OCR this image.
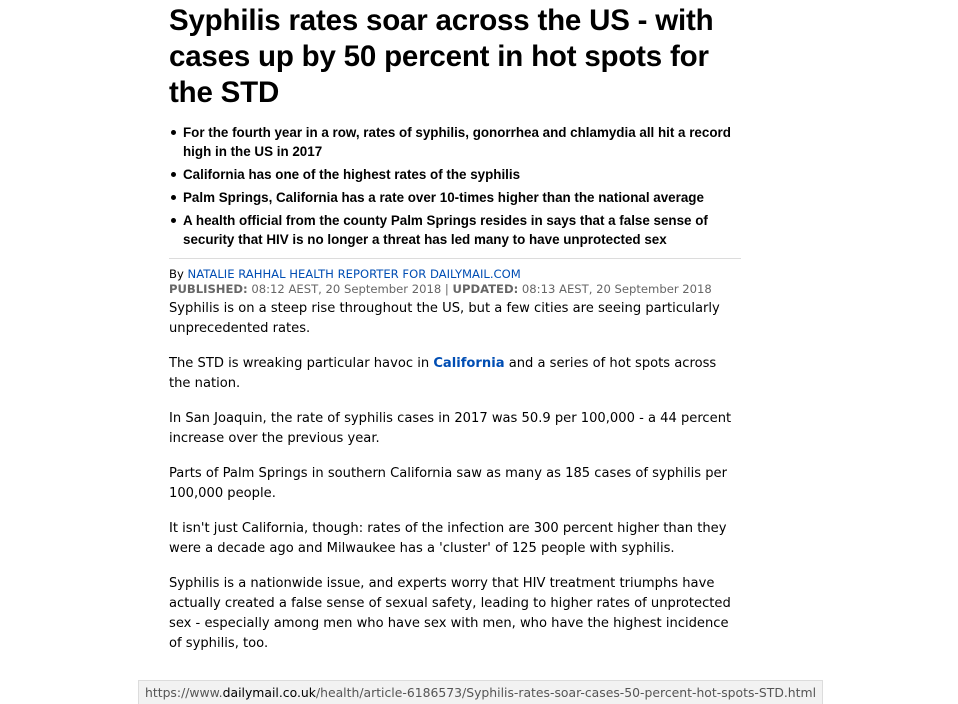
Syphilis rates soar across the US - with cases up by 50 percent in hot spots for the STD
For the fourth year in a row, rates of syphilis, gonorrhea and chlamydia all hit a record high in the US in 2017
California has one of the highest rates of the syphilis
Palm Springs, California has a rate over 10-times higher than the national average
A health official from the county Palm Springs resides in says that a false sense of security that HIV is no longer a threat has led many to have unprotected sex
By NATALIE RAHHAL HEALTH REPORTER FOR DAILYMAIL.COM
PUBLISHED: 08:12 AEST, 20 September 2018 | UPDATED: 08:13 AEST, 20 September 2018

Syphilis is on a steep rise throughout the US, but a few cities are seeing particularly unprecedented rates.

The STD is wreaking particular havoc in California and a series of hot spots across the nation.

In San Joaquin, the rate of syphilis cases in 2017 was 50.9 per 100,000 - a 44 percent increase over the previous year.

Parts of Palm Springs in southern California saw as many as 185 cases of syphilis per 100,000 people.

It isn't just California, though: rates of the infection are 300 percent higher than they were a decade ago and Milwaukee has a 'cluster' of 125 people with syphilis.

Syphilis is a nationwide issue, and experts worry that HIV treatment triumphs have actually created a false sense of sexual safety, leading to higher rates of unprotected sex - especially among men who have sex with men, who have the highest incidence of syphilis, too.

https://www.dailymail.co.uk/health/article-6186573/Syphilis-rates-soar-cases-50-percent-hot-spots-STD.html
